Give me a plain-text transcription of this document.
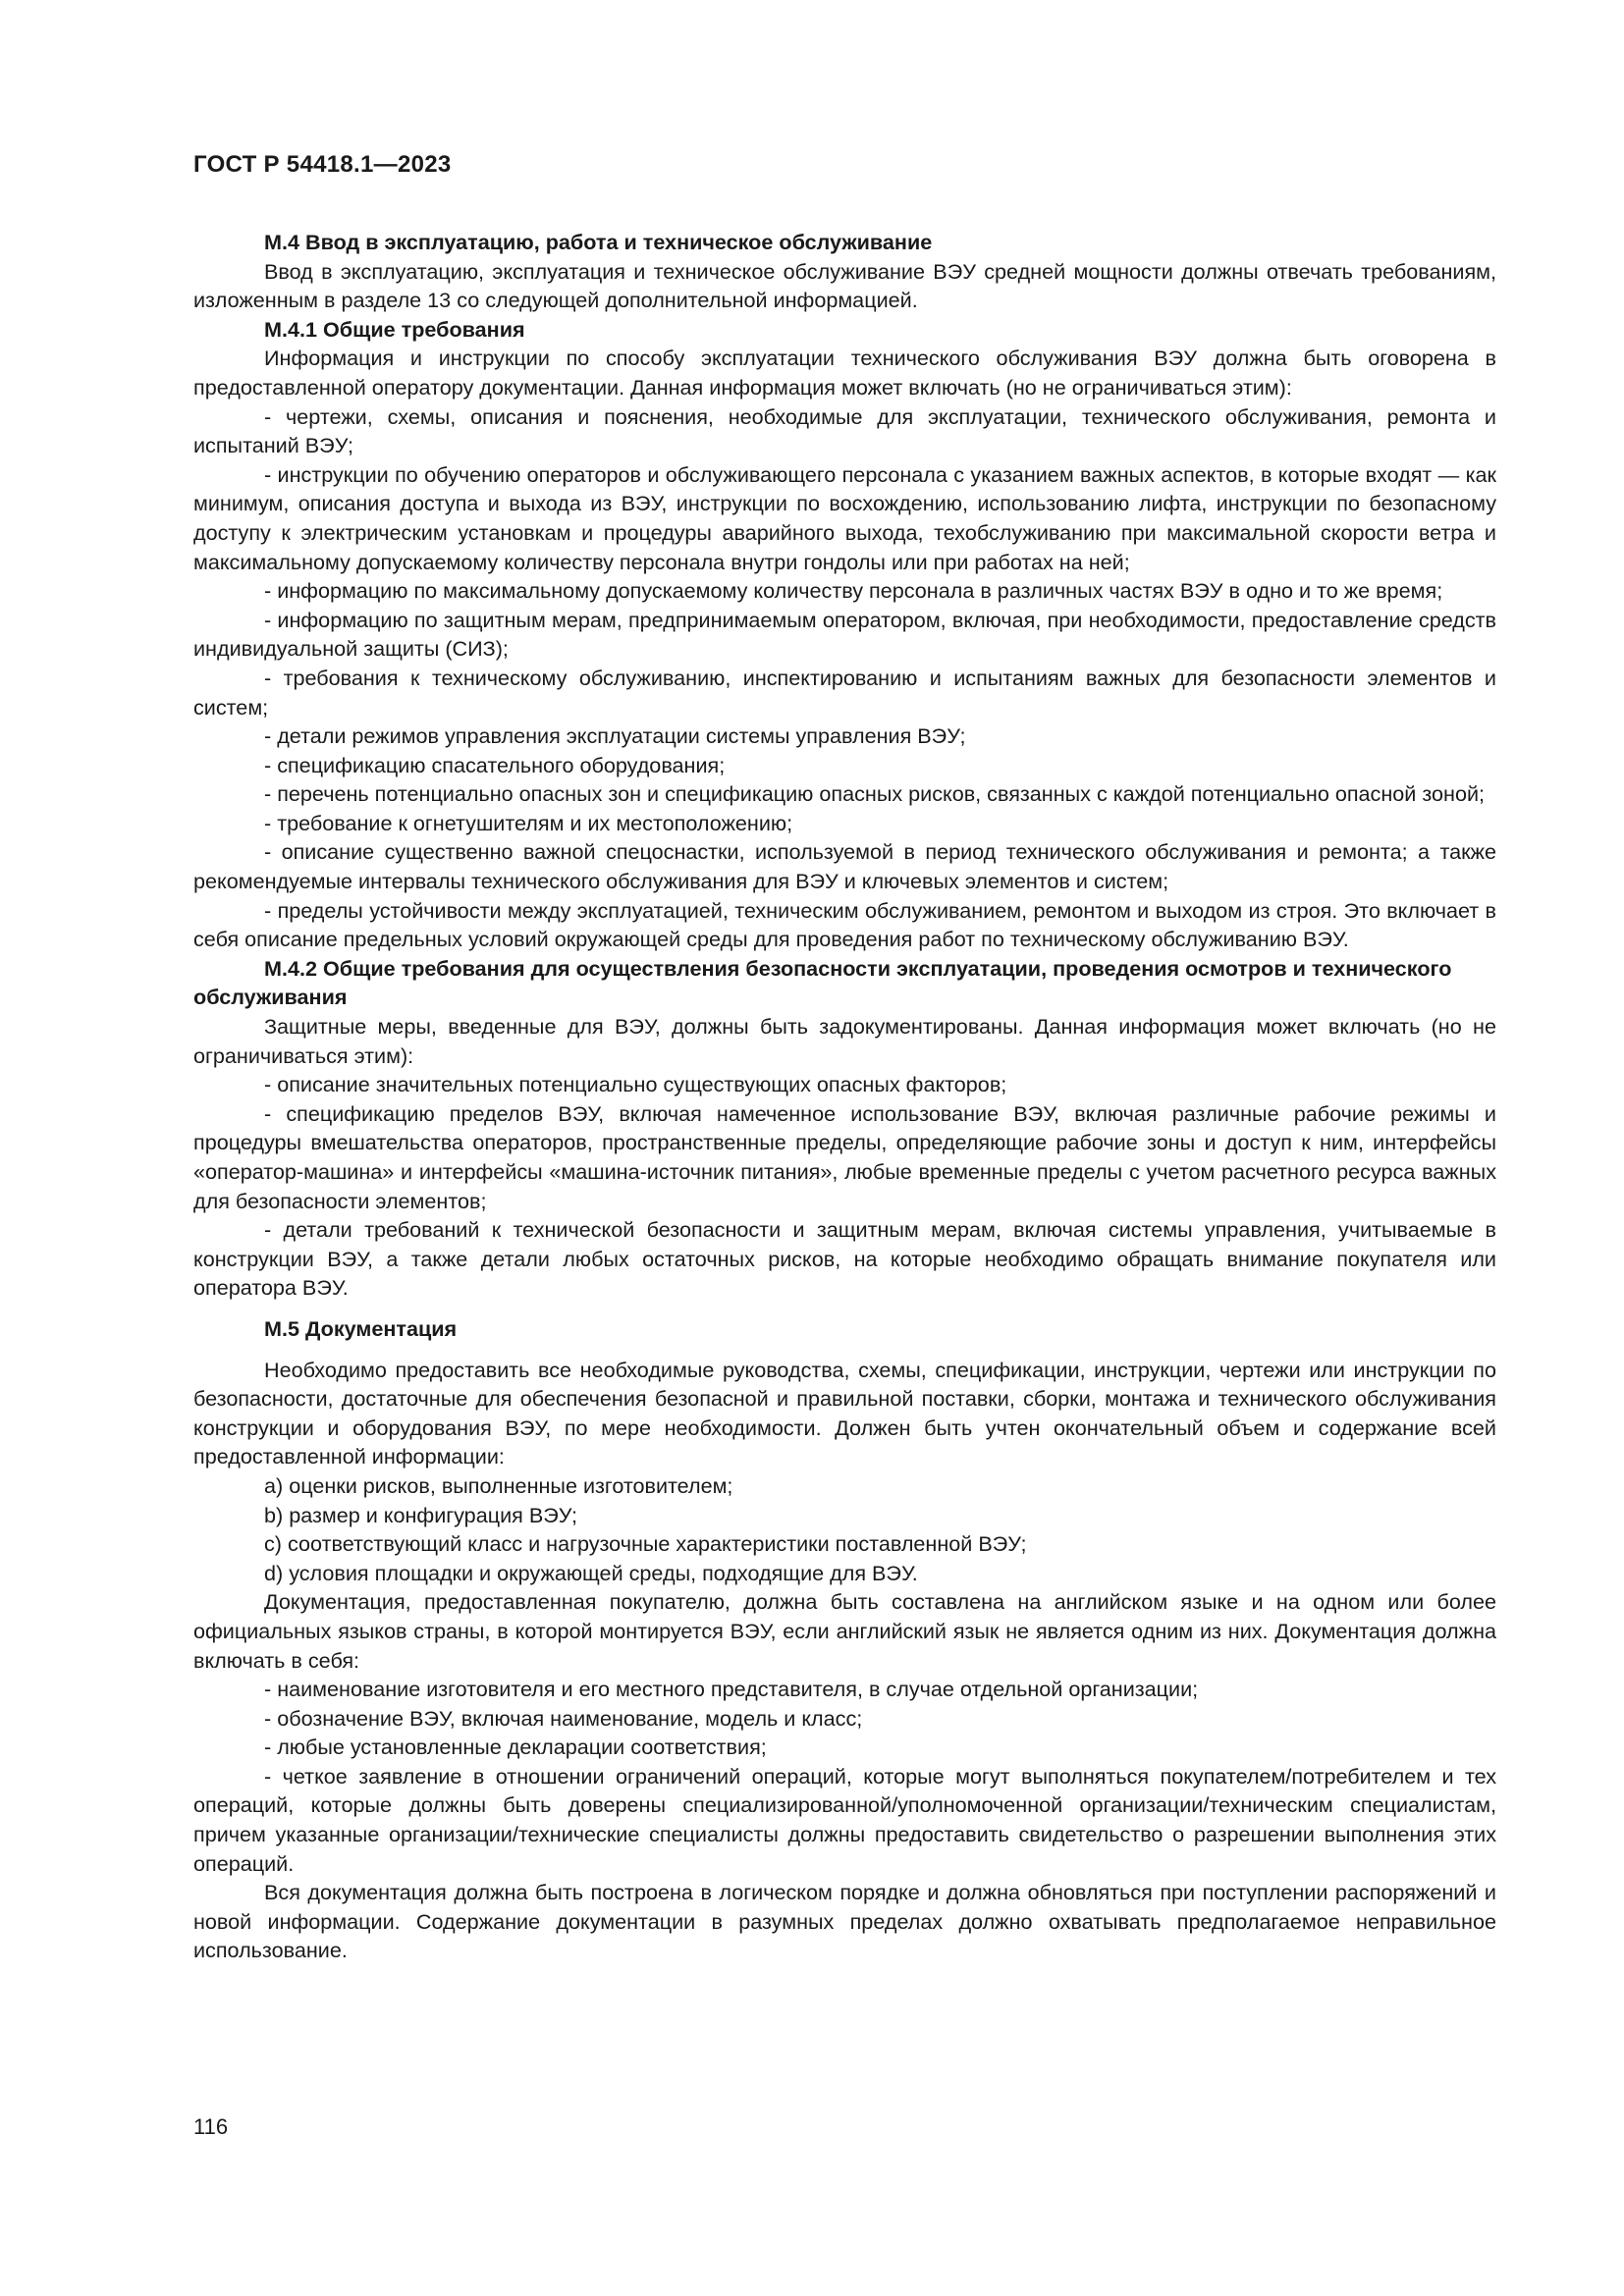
ГОСТ Р 54418.1—2023

М.4 Ввод в эксплуатацию, работа и техническое обслуживание

Ввод в эксплуатацию, эксплуатация и техническое обслуживание ВЭУ средней мощности должны отвечать требованиям, изложенным в разделе 13 со следующей дополнительной информацией.

М.4.1 Общие требования

Информация и инструкции по способу эксплуатации технического обслуживания ВЭУ должна быть оговорена в предоставленной оператору документации. Данная информация может включать (но не ограничиваться этим):

- чертежи, схемы, описания и пояснения, необходимые для эксплуатации, технического обслуживания, ремонта и испытаний ВЭУ;

- инструкции по обучению операторов и обслуживающего персонала с указанием важных аспектов, в которые входят — как минимум, описания доступа и выхода из ВЭУ, инструкции по восхождению, использованию лифта, инструкции по безопасному доступу к электрическим установкам и процедуры аварийного выхода, техобслуживанию при максимальной скорости ветра и максимальному допускаемому количеству персонала внутри гондолы или при работах на ней;

- информацию по максимальному допускаемому количеству персонала в различных частях ВЭУ в одно и то же время;

- информацию по защитным мерам, предпринимаемым оператором, включая, при необходимости, предоставление средств индивидуальной защиты (СИЗ);

- требования к техническому обслуживанию, инспектированию и испытаниям важных для безопасности элементов и систем;

- детали режимов управления эксплуатации системы управления ВЭУ;

- спецификацию спасательного оборудования;

- перечень потенциально опасных зон и спецификацию опасных рисков, связанных с каждой потенциально опасной зоной;

- требование к огнетушителям и их местоположению;

- описание существенно важной спецоснастки, используемой в период технического обслуживания и ремонта; а также рекомендуемые интервалы технического обслуживания для ВЭУ и ключевых элементов и систем;

- пределы устойчивости между эксплуатацией, техническим обслуживанием, ремонтом и выходом из строя. Это включает в себя описание предельных условий окружающей среды для проведения работ по техническому обслуживанию ВЭУ.

М.4.2 Общие требования для осуществления безопасности эксплуатации, проведения осмотров и технического обслуживания

Защитные меры, введенные для ВЭУ, должны быть задокументированы. Данная информация может включать (но не ограничиваться этим):

- описание значительных потенциально существующих опасных факторов;

- спецификацию пределов ВЭУ, включая намеченное использование ВЭУ, включая различные рабочие режимы и процедуры вмешательства операторов, пространственные пределы, определяющие рабочие зоны и доступ к ним, интерфейсы «оператор-машина» и интерфейсы «машина-источник питания», любые временные пределы с учетом расчетного ресурса важных для безопасности элементов;

- детали требований к технической безопасности и защитным мерам, включая системы управления, учитываемые в конструкции ВЭУ, а также детали любых остаточных рисков, на которые необходимо обращать внимание покупателя или оператора ВЭУ.

М.5 Документация

Необходимо предоставить все необходимые руководства, схемы, спецификации, инструкции, чертежи или инструкции по безопасности, достаточные для обеспечения безопасной и правильной поставки, сборки, монтажа и технического обслуживания конструкции и оборудования ВЭУ, по мере необходимости. Должен быть учтен окончательный объем и содержание всей предоставленной информации:

а) оценки рисков, выполненные изготовителем;

b) размер и конфигурация ВЭУ;

с) соответствующий класс и нагрузочные характеристики поставленной ВЭУ;

d) условия площадки и окружающей среды, подходящие для ВЭУ.

Документация, предоставленная покупателю, должна быть составлена на английском языке и на одном или более официальных языков страны, в которой монтируется ВЭУ, если английский язык не является одним из них. Документация должна включать в себя:

- наименование изготовителя и его местного представителя, в случае отдельной организации;

- обозначение ВЭУ, включая наименование, модель и класс;

- любые установленные декларации соответствия;

- четкое заявление в отношении ограничений операций, которые могут выполняться покупателем/потребителем и тех операций, которые должны быть доверены специализированной/уполномоченной организации/техническим специалистам, причем указанные организации/технические специалисты должны предоставить свидетельство о разрешении выполнения этих операций.

Вся документация должна быть построена в логическом порядке и должна обновляться при поступлении распоряжений и новой информации. Содержание документации в разумных пределах должно охватывать предполагаемое неправильное использование.

116
